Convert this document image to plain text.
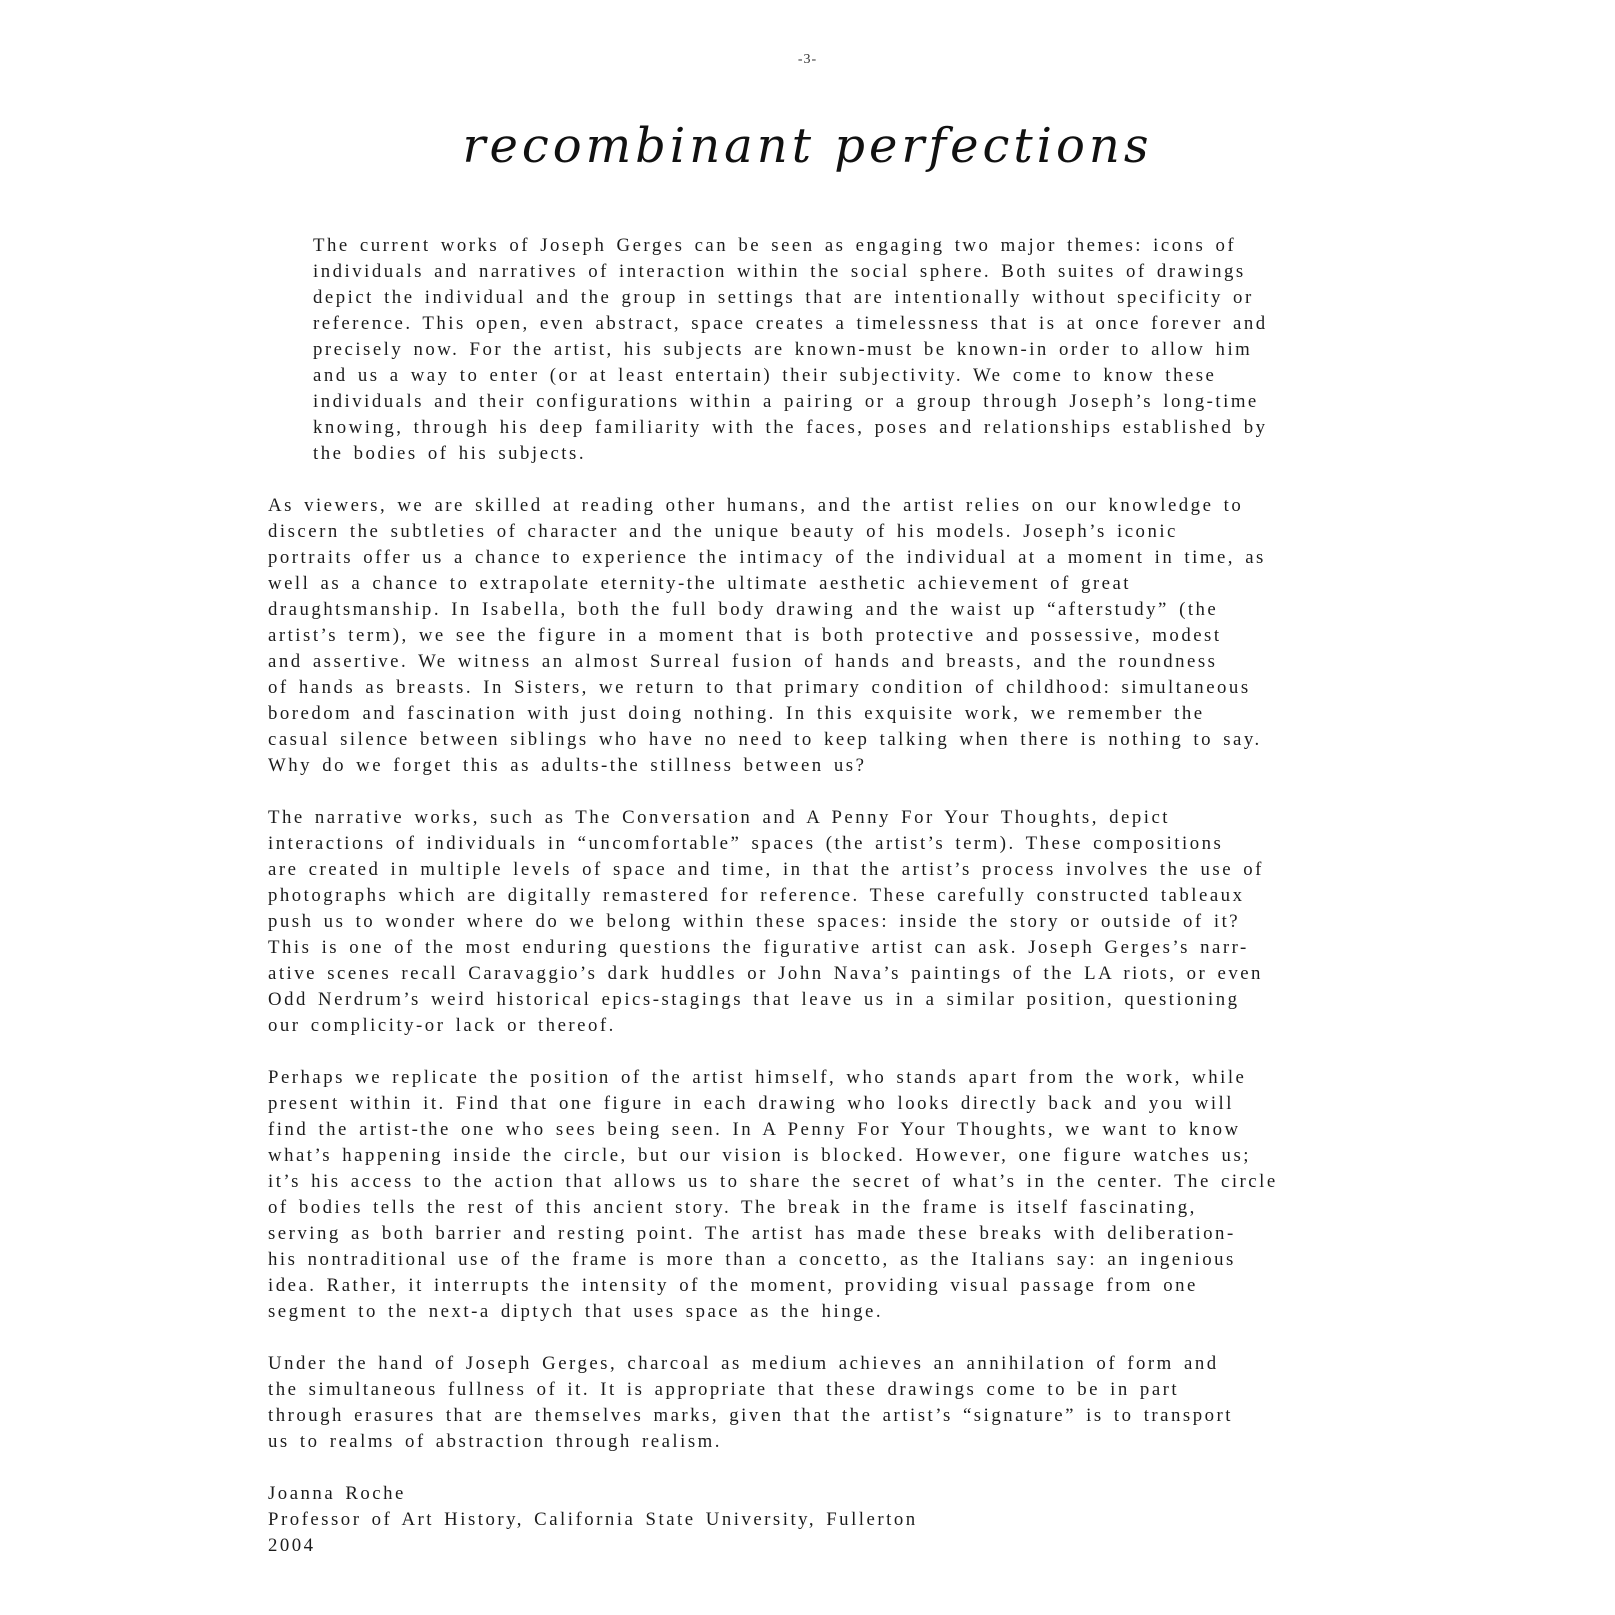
-3-
recombinant perfections
The current works of Joseph Gerges can be seen as engaging two major themes: icons of
individuals and narratives of interaction within the social sphere. Both suites of drawings
depict the individual and the group in settings that are intentionally without specificity or
reference. This open, even abstract, space creates a timelessness that is at once forever and
precisely now. For the artist, his subjects are known-must be known-in order to allow him
and us a way to enter (or at least entertain) their subjectivity. We come to know these
individuals and their configurations within a pairing or a group through Joseph’s long-time
knowing, through his deep familiarity with the faces, poses and relationships established by
the bodies of his subjects.
As viewers, we are skilled at reading other humans, and the artist relies on our knowledge to
discern the subtleties of character and the unique beauty of his models. Joseph’s iconic
portraits offer us a chance to experience the intimacy of the individual at a moment in time, as
well as a chance to extrapolate eternity-the ultimate aesthetic achievement of great
draughtsmanship. In Isabella, both the full body drawing and the waist up “afterstudy” (the
artist’s term), we see the figure in a moment that is both protective and possessive, modest
and assertive. We witness an almost Surreal fusion of hands and breasts, and the roundness
of hands as breasts. In Sisters, we return to that primary condition of childhood: simultaneous
boredom and fascination with just doing nothing. In this exquisite work, we remember the
casual silence between siblings who have no need to keep talking when there is nothing to say.
Why do we forget this as adults-the stillness between us?
The narrative works, such as The Conversation and A Penny For Your Thoughts, depict
interactions of individuals in “uncomfortable” spaces (the artist’s term). These compositions
are created in multiple levels of space and time, in that the artist’s process involves the use of
photographs which are digitally remastered for reference. These carefully constructed tableaux
push us to wonder where do we belong within these spaces: inside the story or outside of it?
This is one of the most enduring questions the figurative artist can ask. Joseph Gerges’s narr-
ative scenes recall Caravaggio’s dark huddles or John Nava’s paintings of the LA riots, or even
Odd Nerdrum’s weird historical epics-stagings that leave us in a similar position, questioning
our complicity-or lack or thereof.
Perhaps we replicate the position of the artist himself, who stands apart from the work, while
present within it. Find that one figure in each drawing who looks directly back and you will
find the artist-the one who sees being seen. In A Penny For Your Thoughts, we want to know
what’s happening inside the circle, but our vision is blocked. However, one figure watches us;
it’s his access to the action that allows us to share the secret of what’s in the center. The circle
of bodies tells the rest of this ancient story. The break in the frame is itself fascinating,
serving as both barrier and resting point. The artist has made these breaks with deliberation-
his nontraditional use of the frame is more than a concetto, as the Italians say: an ingenious
idea. Rather, it interrupts the intensity of the moment, providing visual passage from one
segment to the next-a diptych that uses space as the hinge.
Under the hand of Joseph Gerges, charcoal as medium achieves an annihilation of form and
the simultaneous fullness of it. It is appropriate that these drawings come to be in part
through erasures that are themselves marks, given that the artist’s “signature” is to transport
us to realms of abstraction through realism.
Joanna Roche
Professor of Art History, California State University, Fullerton
2004
